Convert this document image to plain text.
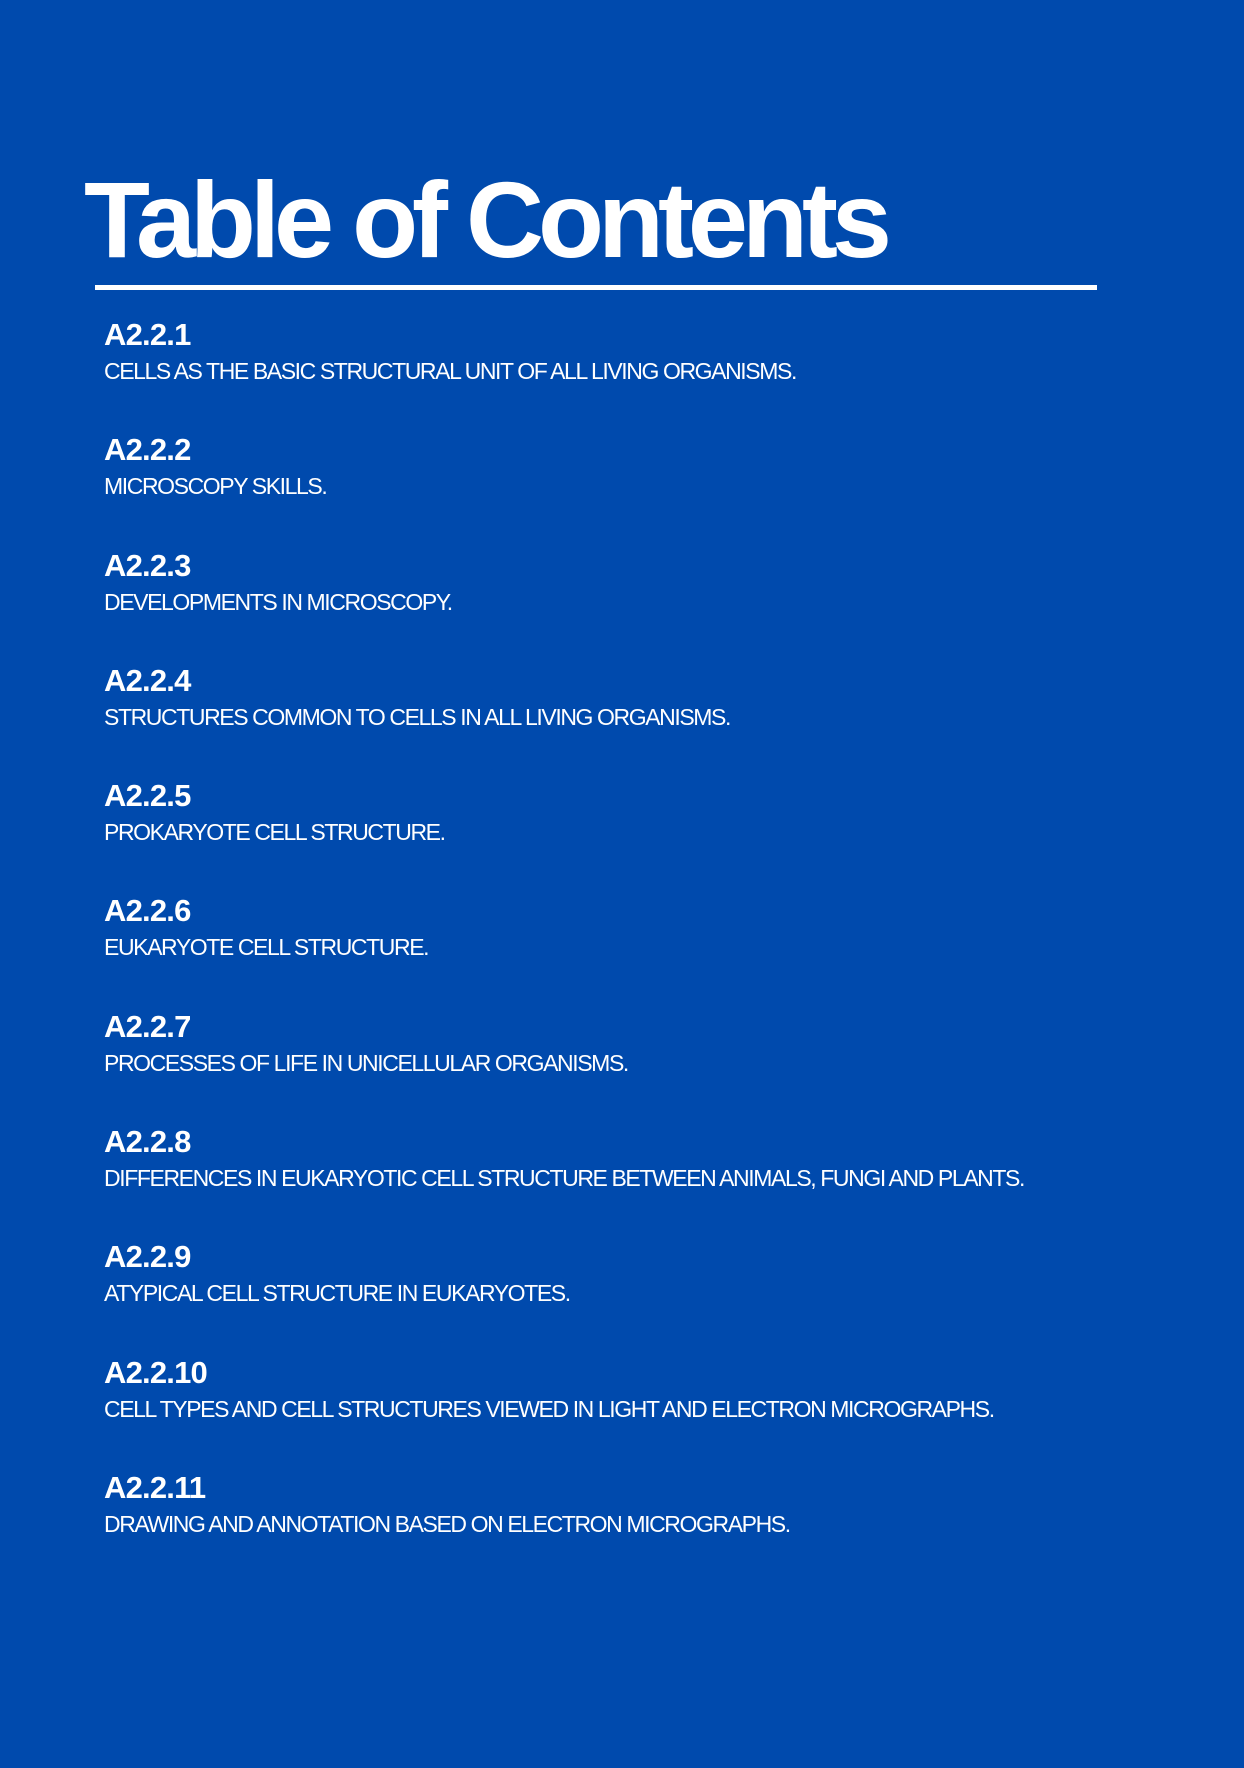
Table of Contents
A2.2.1
CELLS AS THE BASIC STRUCTURAL UNIT OF ALL LIVING ORGANISMS.
A2.2.2
MICROSCOPY SKILLS.
A2.2.3
DEVELOPMENTS IN MICROSCOPY.
A2.2.4
STRUCTURES COMMON TO CELLS IN ALL LIVING ORGANISMS.
A2.2.5
PROKARYOTE CELL STRUCTURE.
A2.2.6
EUKARYOTE CELL STRUCTURE.
A2.2.7
PROCESSES OF LIFE IN UNICELLULAR ORGANISMS.
A2.2.8
DIFFERENCES IN EUKARYOTIC CELL STRUCTURE BETWEEN ANIMALS, FUNGI AND PLANTS.
A2.2.9
ATYPICAL CELL STRUCTURE IN EUKARYOTES.
A2.2.10
CELL TYPES AND CELL STRUCTURES VIEWED IN LIGHT AND ELECTRON MICROGRAPHS.
A2.2.11
DRAWING AND ANNOTATION BASED ON ELECTRON MICROGRAPHS.
